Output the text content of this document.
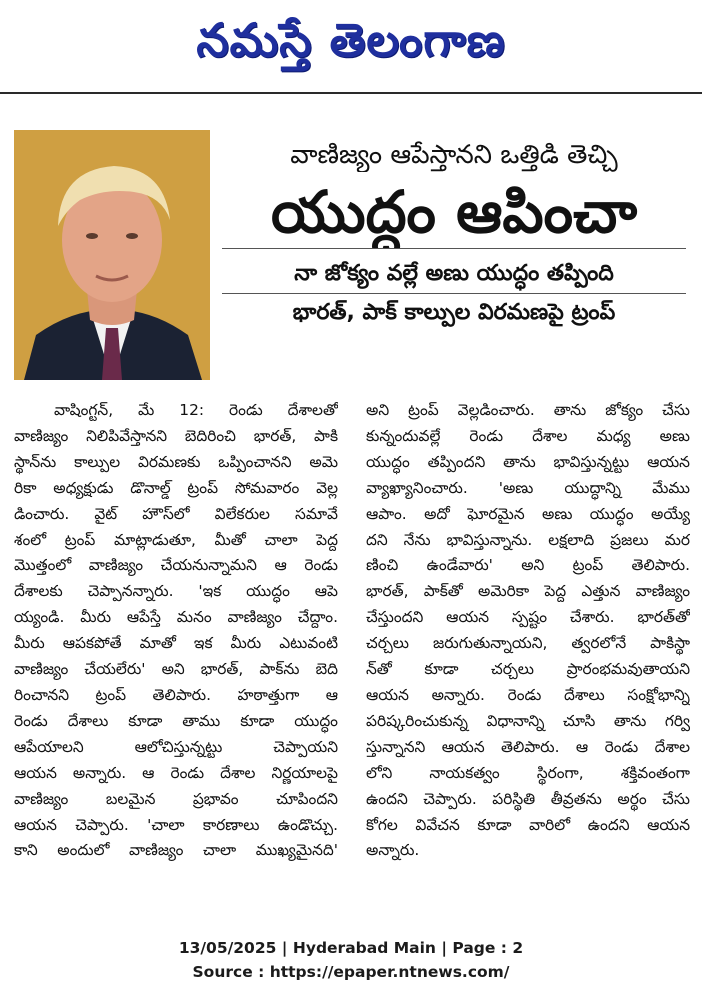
నమస్తే తెలంగాణ
వాణిజ్యం ఆపేస్తానని ఒత్తిడి తెచ్చి
యుద్ధం ఆపించా
నా జోక్యం వల్లే అణు యుద్ధం తప్పింది
భారత్, పాక్ కాల్పుల విరమణపై ట్రంప్
వాషింగ్టన్, మే 12: రెండు దేశాలతో
వాణిజ్యం నిలిపివేస్తానని బెదిరించి భారత్, పాకి
స్థాన్‌ను కాల్పుల విరమణకు ఒప్పించానని అమె
రికా అధ్యక్షుడు డొనాల్డ్ ట్రంప్ సోమవారం వెల్ల
డించారు. వైట్ హౌస్‌లో విలేకరుల సమావే
శంలో ట్రంప్ మాట్లాడుతూ, మీతో చాలా పెద్ద
మొత్తంలో వాణిజ్యం చేయనున్నామని ఆ రెండు
దేశాలకు చెప్పానన్నారు. 'ఇక యుద్ధం ఆపె
య్యండి. మీరు ఆపేస్తే మనం వాణిజ్యం చేద్దాం.
మీరు ఆపకపోతే మాతో ఇక మీరు ఎటువంటి
వాణిజ్యం చేయలేరు' అని భారత్, పాక్‌ను బెది
రించానని ట్రంప్ తెలిపారు. హఠాత్తుగా ఆ
రెండు దేశాలు కూడా తాము కూడా యుద్ధం
ఆపేయాలని ఆలోచిస్తున్నట్టు చెప్పాయని
ఆయన అన్నారు. ఆ రెండు దేశాల నిర్ణయాలపై
వాణిజ్యం బలమైన ప్రభావం చూపిందని
ఆయన చెప్పారు. 'చాలా కారణాలు ఉండొచ్చు.
కాని అందులో వాణిజ్యం చాలా ముఖ్యమైనది'
అని ట్రంప్ వెల్లడించారు. తాను జోక్యం చేసు
కున్నందువల్లే రెండు దేశాల మధ్య అణు
యుద్ధం తప్పిందని తాను భావిస్తున్నట్టు ఆయన
వ్యాఖ్యానించారు. 'అణు యుద్ధాన్ని మేము
ఆపాం. అదో ఘోరమైన అణు యుద్ధం అయ్యే
దని నేను భావిస్తున్నాను. లక్షలాది ప్రజలు మర
ణించి ఉండేవారు' అని ట్రంప్ తెలిపారు.
భారత్, పాక్‌తో అమెరికా పెద్ద ఎత్తున వాణిజ్యం
చేస్తుందని ఆయన స్పష్టం చేశారు. భారత్‌తో
చర్చలు జరుగుతున్నాయని, త్వరలోనే పాకిస్థా
న్‌తో కూడా చర్చలు ప్రారంభమవుతాయని
ఆయన అన్నారు. రెండు దేశాలు సంక్షోభాన్ని
పరిష్కరించుకున్న విధానాన్ని చూసి తాను గర్వి
స్తున్నానని ఆయన తెలిపారు. ఆ రెండు దేశాల
లోని నాయకత్వం స్థిరంగా, శక్తివంతంగా
ఉందని చెప్పారు. పరిస్థితి తీవ్రతను అర్థం చేసు
కోగల వివేచన కూడా వారిలో ఉందని ఆయన
అన్నారు.
13/05/2025 | Hyderabad Main | Page : 2
Source : https://epaper.ntnews.com/
